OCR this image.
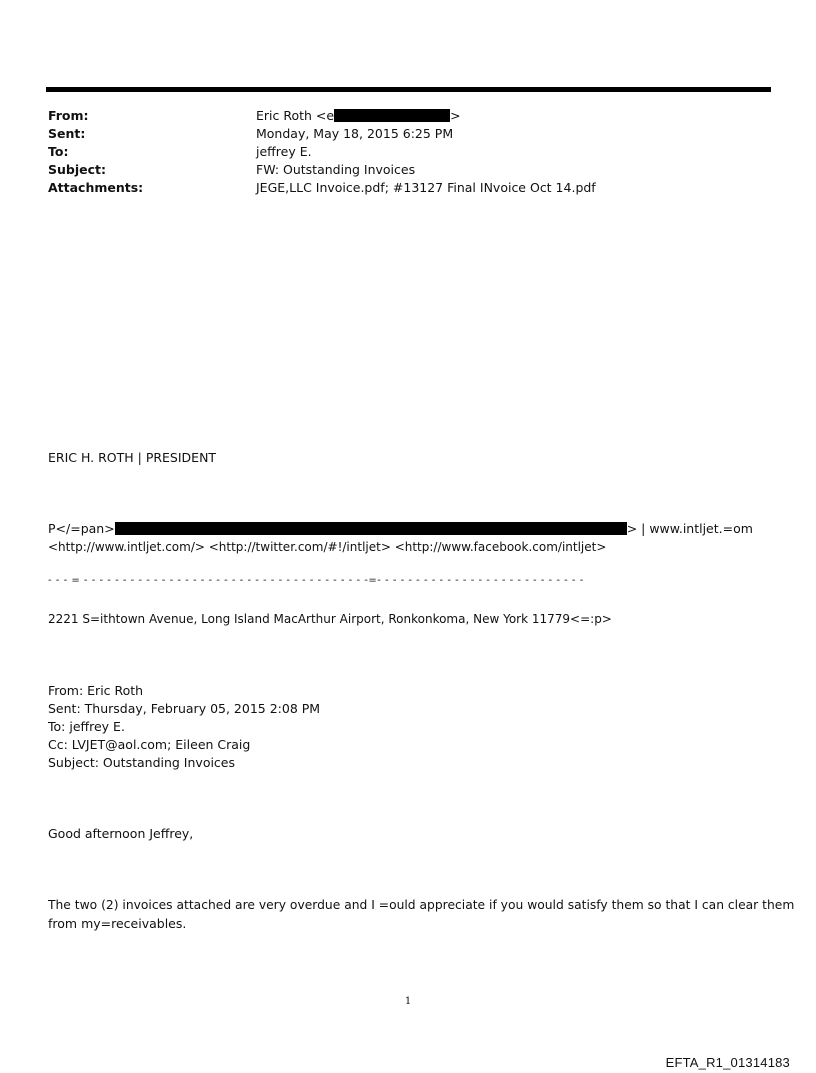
From:	Eric Roth <e	>
Sent:	Monday, May 18, 2015 6:25 PM
To:	jeffrey E.
Subject:	FW: Outstanding Invoices
Attachments:	JEGE,LLC Invoice.pdf; #13127 Final INvoice Oct 14.pdf
ERIC H. ROTH | PRESIDENT
P</=pan>	> | www.intljet.=om
<http://www.intljet.com/> <http://twitter.com/#!/intljet> <http://www.facebook.com/intljet>
- - - = - - - - - - - - - - - - - - - - - - - - - - - - - - - - - - - - - - - - -=- - - - - - - - - - - - - - - - - - - - - - - - - - -
2221 S=ithtown Avenue, Long Island MacArthur Airport, Ronkonkoma, New York 11779<=:p>
From: Eric Roth
Sent: Thursday, February 05, 2015 2:08 PM
To: jeffrey E.
Cc: LVJET@aol.com; Eileen Craig
Subject: Outstanding Invoices
Good afternoon Jeffrey,
The two (2) invoices attached are very overdue and I =ould appreciate if you would satisfy them so that I can clear them
from my=receivables.
1
EFTA_R1_01314183
